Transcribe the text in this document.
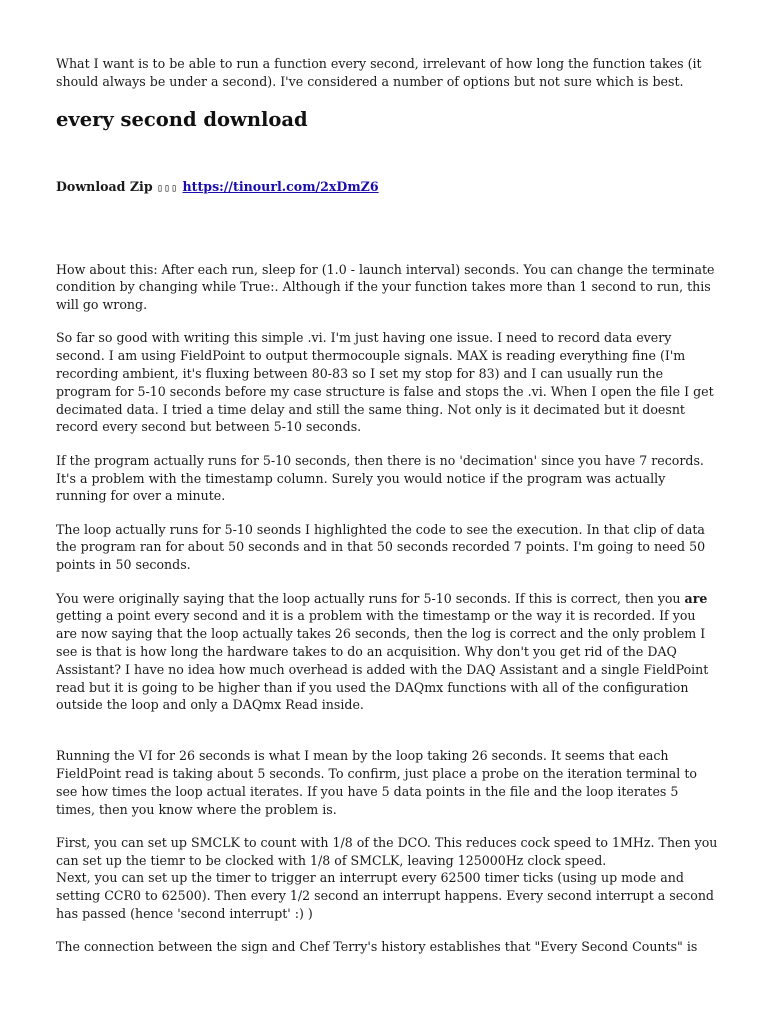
What I want is to be able to run a function every second, irrelevant of how long the function takes (it should always be under a second). I've considered a number of options but not sure which is best.

every second download
Download Zip ▯▯▯ https://tinourl.com/2xDmZ6

How about this: After each run, sleep for (1.0 - launch interval) seconds. You can change the terminate condition by changing while True:. Although if the your function takes more than 1 second to run, this will go wrong.

So far so good with writing this simple .vi. I'm just having one issue. I need to record data every second. I am using FieldPoint to output thermocouple signals. MAX is reading everything fine (I'm recording ambient, it's fluxing between 80-83 so I set my stop for 83) and I can usually run the program for 5-10 seconds before my case structure is false and stops the .vi. When I open the file I get decimated data. I tried a time delay and still the same thing. Not only is it decimated but it doesnt record every second but between 5-10 seconds.

If the program actually runs for 5-10 seconds, then there is no 'decimation' since you have 7 records. It's a problem with the timestamp column. Surely you would notice if the program was actually running for over a minute.

The loop actually runs for 5-10 seonds I highlighted the code to see the execution. In that clip of data the program ran for about 50 seconds and in that 50 seconds recorded 7 points. I'm going to need 50 points in 50 seconds.

You were originally saying that the loop actually runs for 5-10 seconds. If this is correct, then you are getting a point every second and it is a problem with the timestamp or the way it is recorded. If you are now saying that the loop actually takes 26 seconds, then the log is correct and the only problem I see is that is how long the hardware takes to do an acquisition. Why don't you get rid of the DAQ Assistant? I have no idea how much overhead is added with the DAQ Assistant and a single FieldPoint read but it is going to be higher than if you used the DAQmx functions with all of the configuration outside the loop and only a DAQmx Read inside.

Running the VI for 26 seconds is what I mean by the loop taking 26 seconds. It seems that each FieldPoint read is taking about 5 seconds. To confirm, just place a probe on the iteration terminal to see how times the loop actual iterates. If you have 5 data points in the file and the loop iterates 5 times, then you know where the problem is.

First, you can set up SMCLK to count with 1/8 of the DCO. This reduces cock speed to 1MHz. Then you can set up the tiemr to be clocked with 1/8 of SMCLK, leaving 125000Hz clock speed.
Next, you can set up the timer to trigger an interrupt every 62500 timer ticks (using up mode and setting CCR0 to 62500). Then every 1/2 second an interrupt happens. Every second interrupt a second has passed (hence 'second interrupt' :) )

The connection between the sign and Chef Terry's history establishes that "Every Second Counts" is
